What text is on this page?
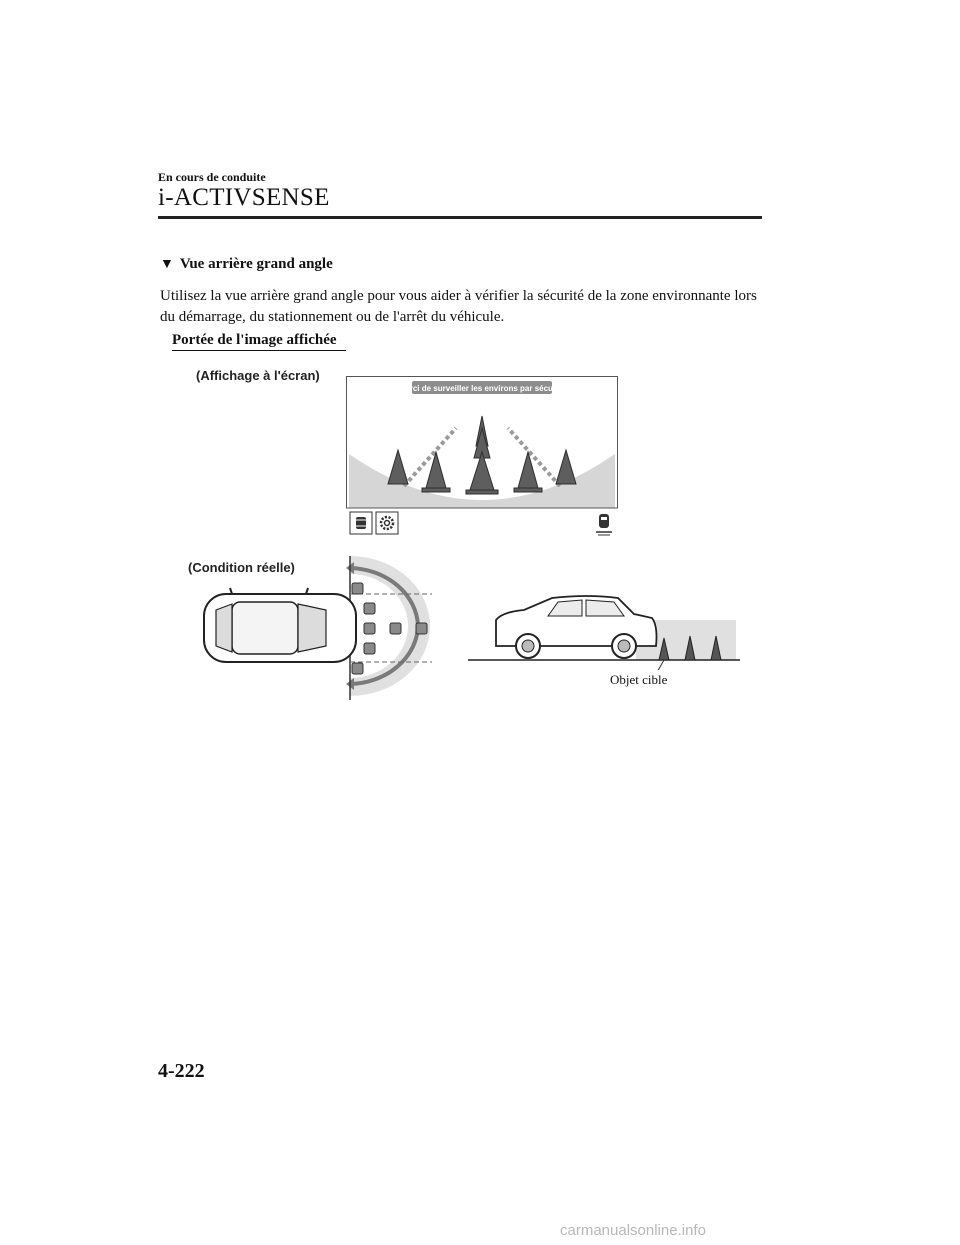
En cours de conduite
i-ACTIVSENSE
▼ Vue arrière grand angle
Utilisez la vue arrière grand angle pour vous aider à vérifier la sécurité de la zone environnante lors du démarrage, du stationnement ou de l'arrêt du véhicule.
Portée de l'image affichée
(Affichage à l'écran)
Merci de surveiller les environs par sécurité
(Condition réelle)
Objet cible
4-222
carmanualsonline.info
